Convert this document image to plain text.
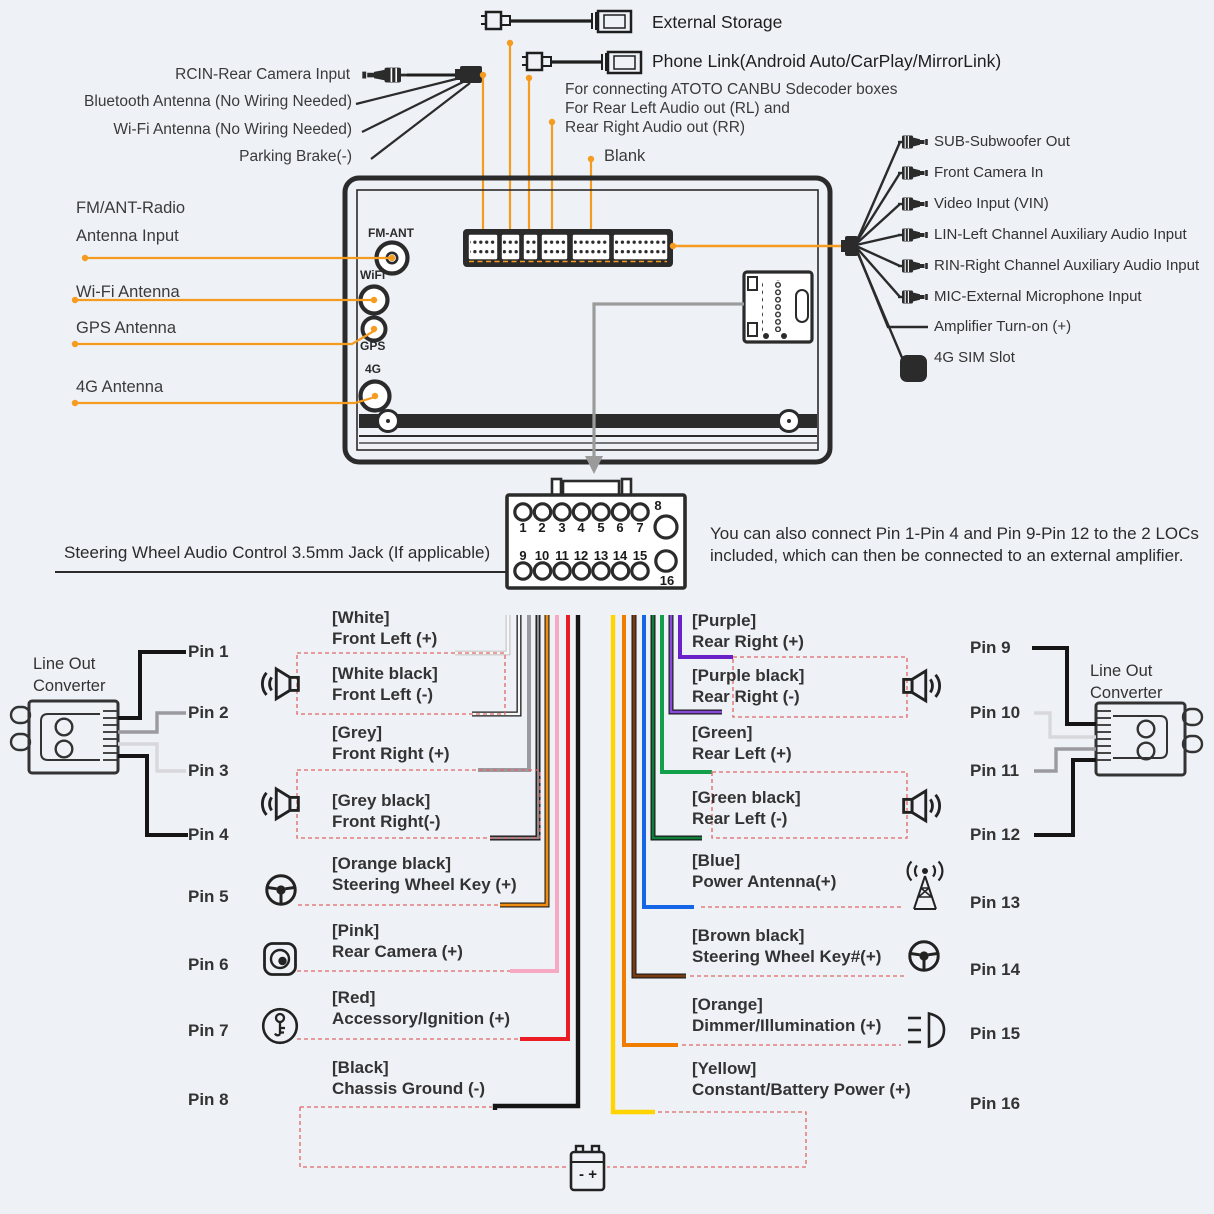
External Storage
Phone Link(Android Auto/CarPlay/MirrorLink)
For connecting ATOTO CANBU Sdecoder boxes
For Rear Left Audio out (RL) and
Rear Right Audio out (RR)
Blank
RCIN-Rear Camera Input
Bluetooth Antenna (No Wiring Needed)
Wi-Fi Antenna (No Wiring Needed)
Parking Brake(-)
FM/ANT-Radio
Antenna Input
Wi-Fi Antenna
GPS Antenna
4G Antenna
FM-ANT
WiFi
GPS
4G
SUB-Subwoofer Out
Front Camera In
Video Input (VIN)
LIN-Left Channel Auxiliary Audio Input
RIN-Right Channel Auxiliary Audio Input
MIC-External Microphone Input
Amplifier Turn-on (+)
4G SIM Slot
1 2 3 4 5 6 7
8
9 10 11 12 13 14 15
16
Steering Wheel Audio Control 3.5mm Jack (If applicable)
You can also connect Pin 1-Pin 4 and Pin 9-Pin 12 to the 2 LOCs
included, which can then be connected to an external amplifier.
Line Out
Converter
Line Out
Converter
Pin 1
Pin 2
Pin 3
Pin 4
Pin 5
Pin 6
Pin 7
Pin 8
Pin 9
Pin 10
Pin 11
Pin 12
Pin 13
Pin 14
Pin 15
Pin 16
[White]
Front Left (+)
[White black]
Front Left (-)
[Grey]
Front Right (+)
[Grey black]
Front Right(-)
[Orange black]
Steering Wheel Key (+)
[Pink]
Rear Camera (+)
[Red]
Accessory/Ignition (+)
[Black]
Chassis Ground (-)
[Purple]
Rear Right (+)
[Purple black]
Rear Right (-)
[Green]
Rear Left (+)
[Green black]
Rear Left (-)
[Blue]
Power Antenna(+)
[Brown black]
Steering Wheel Key#(+)
[Orange]
Dimmer/Illumination (+)
[Yellow]
Constant/Battery Power (+)
- +
